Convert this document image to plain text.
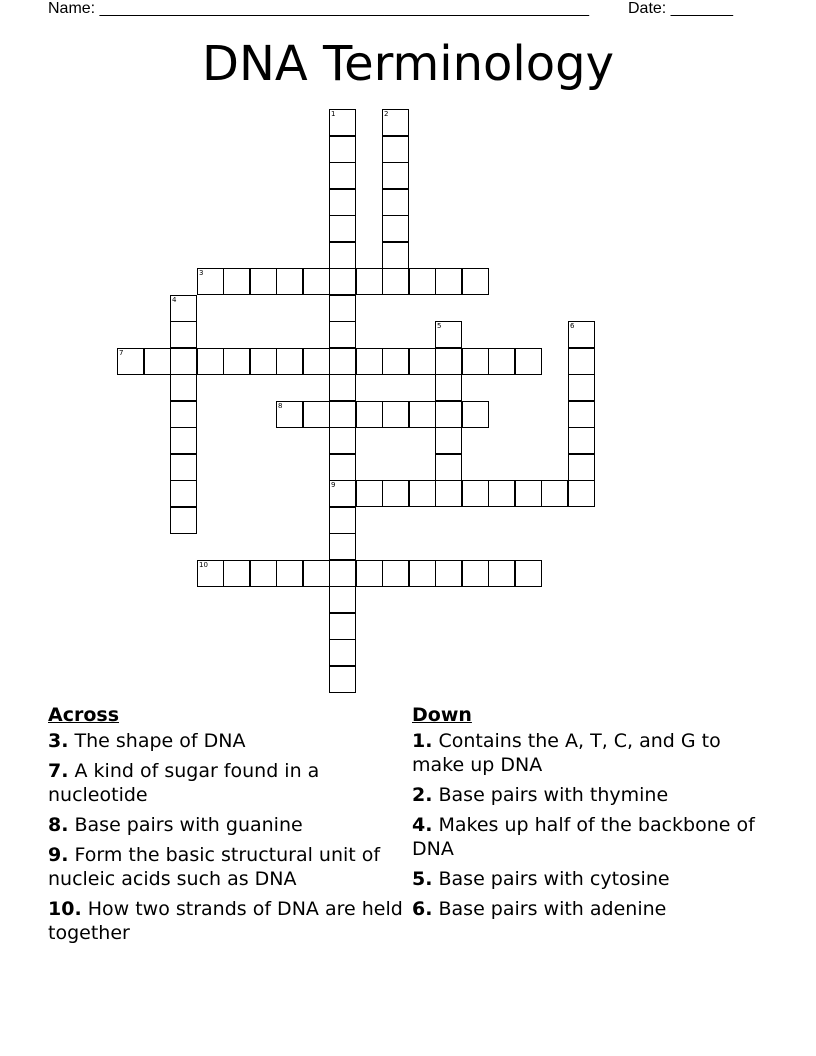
Name: _______________________________________________________ Date: _______
DNA Terminology
1
9
2
3
4
5	6
7
8
10
Across
3. The shape of DNA
7. A kind of sugar found in a nucleotide
8. Base pairs with guanine
9. Form the basic structural unit of nucleic acids such as DNA
10. How two strands of DNA are held together
Down
1. Contains the A, T, C, and G to make up DNA
2. Base pairs with thymine
4. Makes up half of the backbone of DNA
5. Base pairs with cytosine
6. Base pairs with adenine
